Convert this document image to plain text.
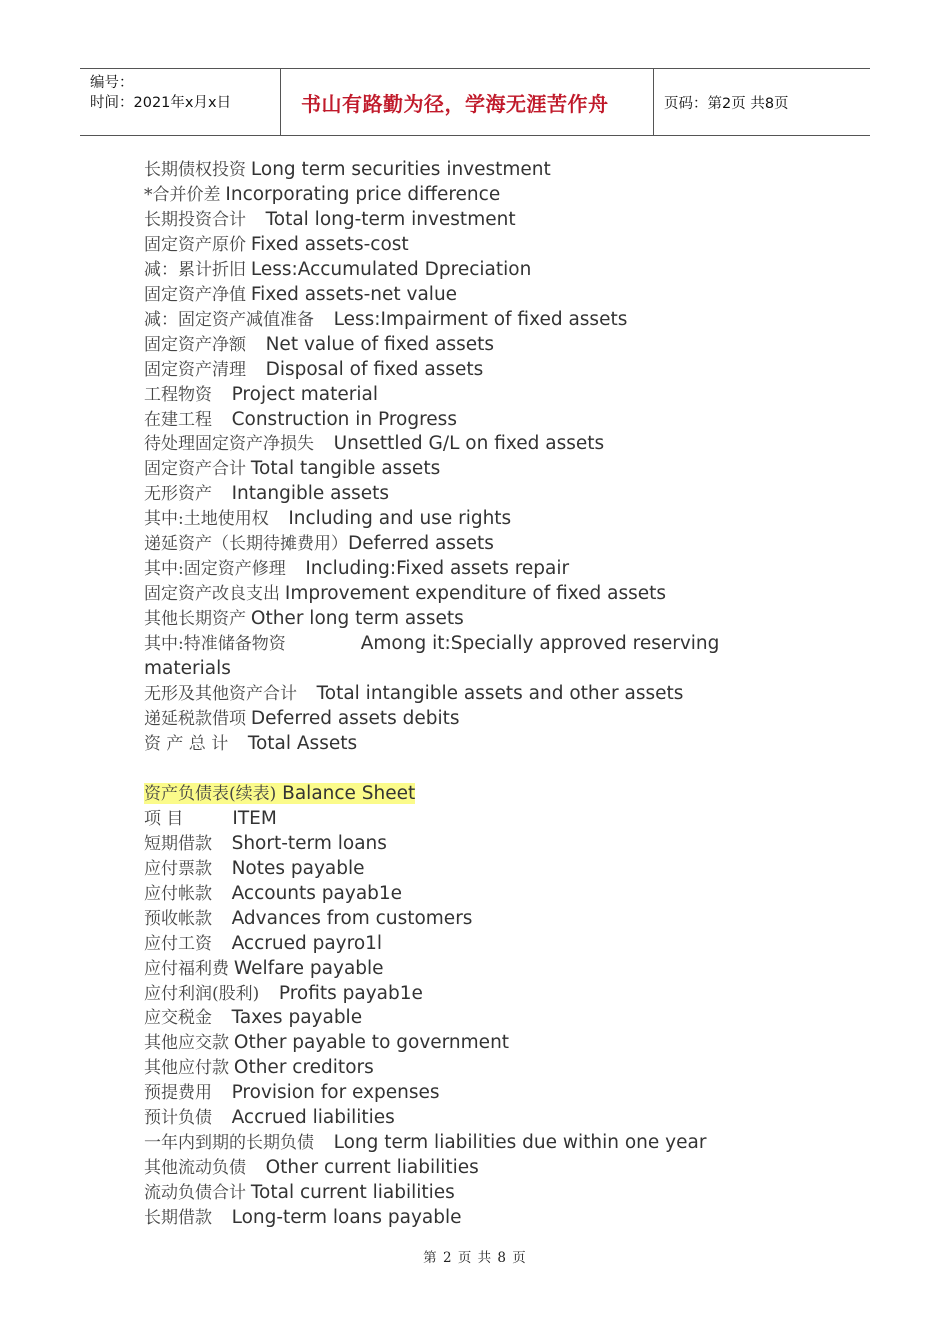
编号：
时间：2021年x月x日	书山有路勤为径，学海无涯苦作舟	页码：第2页 共8页
长期债权投资 Long term securities investment
*合并价差 Incorporating price difference
长期投资合计 Total long-term investment
固定资产原价 Fixed assets-cost
减：累计折旧 Less:Accumulated Dpreciation
固定资产净值 Fixed assets-net value
减：固定资产减值准备 Less:Impairment of fixed assets
固定资产净额 Net value of fixed assets
固定资产清理 Disposal of fixed assets
工程物资 Project material
在建工程 Construction in Progress
待处理固定资产净损失 Unsettled G/L on fixed assets
固定资产合计 Total tangible assets
无形资产 Intangible assets
其中:土地使用权 Including and use rights
递延资产（长期待摊费用）Deferred assets
其中:固定资产修理 Including:Fixed assets repair
固定资产改良支出 Improvement expenditure of fixed assets
其他长期资产 Other long term assets
其中:特准储备物资	Among it:Specially approved reserving materials
无形及其他资产合计 Total intangible assets and other assets
递延税款借项 Deferred assets debits
资 产 总 计 Total Assets
资产负债表(续表) Balance Sheet
项 目	ITEM
短期借款 Short-term loans
应付票款 Notes payable
应付帐款 Accounts payab1e
预收帐款 Advances from customers
应付工资 Accrued payro1l
应付福利费 Welfare payable
应付利润(股利) Profits payab1e
应交税金 Taxes payable
其他应交款 Other payable to government
其他应付款 Other creditors
预提费用 Provision for expenses
预计负债 Accrued liabilities
一年内到期的长期负债 Long term liabilities due within one year
其他流动负债 Other current liabilities
流动负债合计 Total current liabilities
长期借款 Long-term loans payable
第 2 页 共 8 页
